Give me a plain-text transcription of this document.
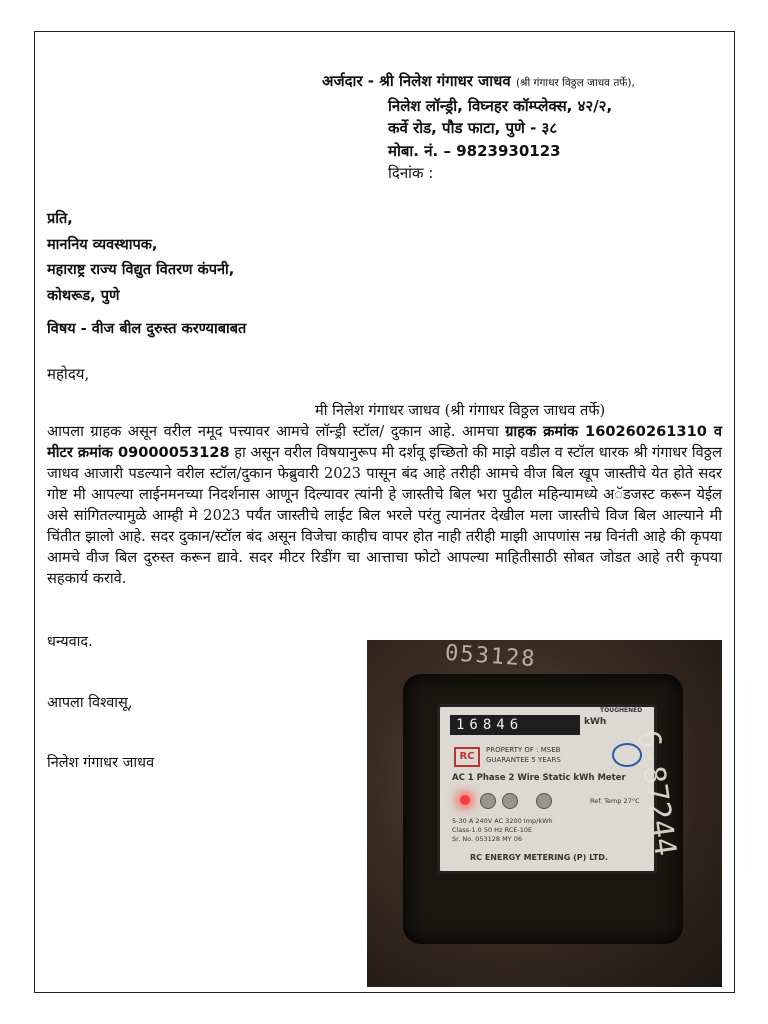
अर्जदार - श्री निलेश गंगाधर जाधव (श्री गंगाधर विठ्ठल जाधव तर्फे),
निलेश लॉन्ड्री, विघ्नहर कॉम्प्लेक्स, ४२/२,
कर्वे रोड, पौड फाटा, पुणे - ३८
मोबा. नं. – 9823930123
दिनांक :
प्रति,
माननिय व्यवस्थापक,
महाराष्ट्र राज्य विद्युत वितरण कंपनी,
कोथरूड, पुणे
विषय - वीज बील दुरुस्त करण्याबाबत
महोदय,
मी निलेश गंगाधर जाधव (श्री गंगाधर विठ्ठल जाधव तर्फे)
आपला ग्राहक असून वरील नमूद पत्त्यावर आमचे लॉन्ड्री स्टॉल/ दुकान आहे. आमचा ग्राहक क्रमांक 160260261310 व मीटर क्रमांक 09000053128 हा असून वरील विषयानुरूप मी दर्शवू इच्छितो की माझे वडील व स्टॉल धारक श्री गंगाधर विठ्ठल जाधव आजारी पडल्याने वरील स्टॉल/दुकान फेब्रुवारी 2023 पासून बंद आहे तरीही आमचे वीज बिल खूप जास्तीचे येत होते सदर गोष्ट मी आपल्या लाईनमनच्या निदर्शनास आणून दिल्यावर त्यांनी हे जास्तीचे बिल भरा पुढील महिन्यामध्ये अॅडजस्ट करून येईल असे सांगितल्यामुळे आम्ही मे 2023 पर्यंत जास्तीचे लाईट बिल भरले परंतु त्यानंतर देखील मला जास्तीचे विज बिल आल्याने मी चिंतीत झालो आहे. सदर दुकान/स्टॉल बंद असून विजेचा काहीच वापर होत नाही तरीही माझी आपणांस नम्र विनंती आहे की कृपया आमचे वीज बिल दुरुस्त करून द्यावे. सदर मीटर रिडींग चा आत्ताचा फोटो आपल्या माहितीसाठी सोबत जोडत आहे तरी कृपया सहकार्य करावे.
धन्यवाद.
आपला विश्वासू,
निलेश गंगाधर जाधव
053128
16846	kWh
TOUGHENED
RC
PROPERTY OF : MSEB
GUARANTEE 5 YEARS
AC 1 Phase 2 Wire Static kWh Meter
Ref. Temp 27°C
5-30 A 240V AC 3200 Imp/kWh
Class-1.0 50 Hz RCE-10E
Sr. No. 053128 MY 06
RC ENERGY METERING (P) LTD. 6-87244
